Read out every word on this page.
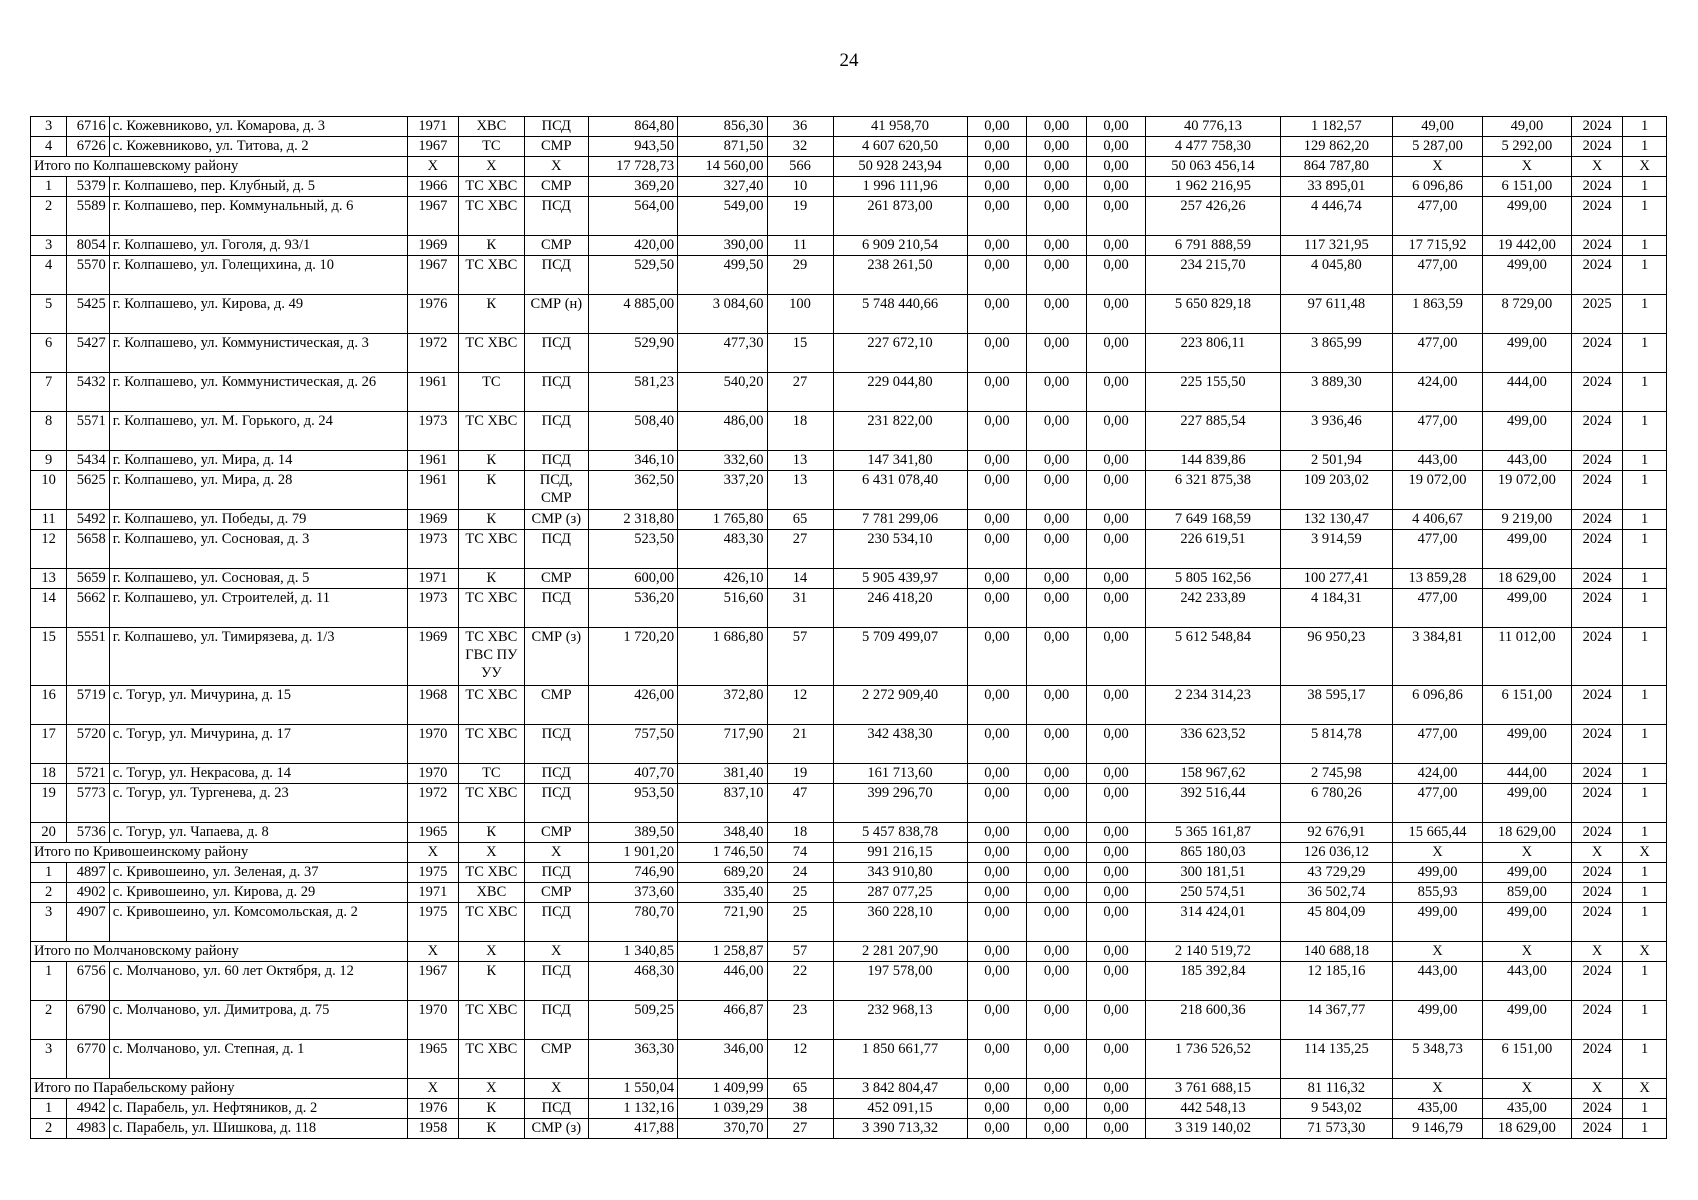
24
3	6716	с. Кожевниково, ул. Комарова, д. 3	1971	ХВС	ПСД	864,80	856,30	36	41 958,70	0,00	0,00	0,00	40 776,13	1 182,57	49,00	49,00	2024	1
4	6726	с. Кожевниково, ул. Титова, д. 2	1967	ТС	СМР	943,50	871,50	32	4 607 620,50	0,00	0,00	0,00	4 477 758,30	129 862,20	5 287,00	5 292,00	2024	1
Итого по Колпашевскому району			X	X	X	17 728,73	14 560,00	566	50 928 243,94	0,00	0,00	0,00	50 063 456,14	864 787,80	X	X	X	X
1	5379	г. Колпашево, пер. Клубный, д. 5	1966	ТС ХВС	СМР	369,20	327,40	10	1 996 111,96	0,00	0,00	0,00	1 962 216,95	33 895,01	6 096,86	6 151,00	2024	1
2	5589	г. Колпашево, пер. Коммунальный, д. 6	1967	ТС ХВС	ПСД	564,00	549,00	19	261 873,00	0,00	0,00	0,00	257 426,26	4 446,74	477,00	499,00	2024	1
3	8054	г. Колпашево, ул. Гоголя, д. 93/1	1969	К	СМР	420,00	390,00	11	6 909 210,54	0,00	0,00	0,00	6 791 888,59	117 321,95	17 715,92	19 442,00	2024	1
4	5570	г. Колпашево, ул. Голещихина, д. 10	1967	ТС ХВС	ПСД	529,50	499,50	29	238 261,50	0,00	0,00	0,00	234 215,70	4 045,80	477,00	499,00	2024	1
5	5425	г. Колпашево, ул. Кирова, д. 49	1976	К	СМР (н)	4 885,00	3 084,60	100	5 748 440,66	0,00	0,00	0,00	5 650 829,18	97 611,48	1 863,59	8 729,00	2025	1
6	5427	г. Колпашево, ул. Коммунистическая, д. 3	1972	ТС ХВС	ПСД	529,90	477,30	15	227 672,10	0,00	0,00	0,00	223 806,11	3 865,99	477,00	499,00	2024	1
7	5432	г. Колпашево, ул. Коммунистическая, д. 26	1961	ТС	ПСД	581,23	540,20	27	229 044,80	0,00	0,00	0,00	225 155,50	3 889,30	424,00	444,00	2024	1
8	5571	г. Колпашево, ул. М. Горького, д. 24	1973	ТС ХВС	ПСД	508,40	486,00	18	231 822,00	0,00	0,00	0,00	227 885,54	3 936,46	477,00	499,00	2024	1
9	5434	г. Колпашево, ул. Мира, д. 14	1961	К	ПСД	346,10	332,60	13	147 341,80	0,00	0,00	0,00	144 839,86	2 501,94	443,00	443,00	2024	1
10	5625	г. Колпашево, ул. Мира, д. 28	1961	К	ПСД, СМР	362,50	337,20	13	6 431 078,40	0,00	0,00	0,00	6 321 875,38	109 203,02	19 072,00	19 072,00	2024	1
11	5492	г. Колпашево, ул. Победы, д. 79	1969	К	СМР (з)	2 318,80	1 765,80	65	7 781 299,06	0,00	0,00	0,00	7 649 168,59	132 130,47	4 406,67	9 219,00	2024	1
12	5658	г. Колпашево, ул. Сосновая, д. 3	1973	ТС ХВС	ПСД	523,50	483,30	27	230 534,10	0,00	0,00	0,00	226 619,51	3 914,59	477,00	499,00	2024	1
13	5659	г. Колпашево, ул. Сосновая, д. 5	1971	К	СМР	600,00	426,10	14	5 905 439,97	0,00	0,00	0,00	5 805 162,56	100 277,41	13 859,28	18 629,00	2024	1
14	5662	г. Колпашево, ул. Строителей, д. 11	1973	ТС ХВС	ПСД	536,20	516,60	31	246 418,20	0,00	0,00	0,00	242 233,89	4 184,31	477,00	499,00	2024	1
15	5551	г. Колпашево, ул. Тимирязева, д. 1/3	1969	ТС ХВС ГВС ПУ УУ	СМР (з)	1 720,20	1 686,80	57	5 709 499,07	0,00	0,00	0,00	5 612 548,84	96 950,23	3 384,81	11 012,00	2024	1
16	5719	с. Тогур, ул. Мичурина, д. 15	1968	ТС ХВС	СМР	426,00	372,80	12	2 272 909,40	0,00	0,00	0,00	2 234 314,23	38 595,17	6 096,86	6 151,00	2024	1
17	5720	с. Тогур, ул. Мичурина, д. 17	1970	ТС ХВС	ПСД	757,50	717,90	21	342 438,30	0,00	0,00	0,00	336 623,52	5 814,78	477,00	499,00	2024	1
18	5721	с. Тогур, ул. Некрасова, д. 14	1970	ТС	ПСД	407,70	381,40	19	161 713,60	0,00	0,00	0,00	158 967,62	2 745,98	424,00	444,00	2024	1
19	5773	с. Тогур, ул. Тургенева, д. 23	1972	ТС ХВС	ПСД	953,50	837,10	47	399 296,70	0,00	0,00	0,00	392 516,44	6 780,26	477,00	499,00	2024	1
20	5736	с. Тогур, ул. Чапаева, д. 8	1965	К	СМР	389,50	348,40	18	5 457 838,78	0,00	0,00	0,00	5 365 161,87	92 676,91	15 665,44	18 629,00	2024	1
Итого по Кривошеинскому району			X	X	X	1 901,20	1 746,50	74	991 216,15	0,00	0,00	0,00	865 180,03	126 036,12	X	X	X	X
1	4897	с. Кривошеино, ул. Зеленая, д. 37	1975	ТС ХВС	ПСД	746,90	689,20	24	343 910,80	0,00	0,00	0,00	300 181,51	43 729,29	499,00	499,00	2024	1
2	4902	с. Кривошеино, ул. Кирова, д. 29	1971	ХВС	СМР	373,60	335,40	25	287 077,25	0,00	0,00	0,00	250 574,51	36 502,74	855,93	859,00	2024	1
3	4907	с. Кривошеино, ул. Комсомольская, д. 2	1975	ТС ХВС	ПСД	780,70	721,90	25	360 228,10	0,00	0,00	0,00	314 424,01	45 804,09	499,00	499,00	2024	1
Итого по Молчановскому району			X	X	X	1 340,85	1 258,87	57	2 281 207,90	0,00	0,00	0,00	2 140 519,72	140 688,18	X	X	X	X
1	6756	с. Молчаново, ул. 60 лет Октября, д. 12	1967	К	ПСД	468,30	446,00	22	197 578,00	0,00	0,00	0,00	185 392,84	12 185,16	443,00	443,00	2024	1
2	6790	с. Молчаново, ул. Димитрова, д. 75	1970	ТС ХВС	ПСД	509,25	466,87	23	232 968,13	0,00	0,00	0,00	218 600,36	14 367,77	499,00	499,00	2024	1
3	6770	с. Молчаново, ул. Степная, д. 1	1965	ТС ХВС	СМР	363,30	346,00	12	1 850 661,77	0,00	0,00	0,00	1 736 526,52	114 135,25	5 348,73	6 151,00	2024	1
Итого по Парабельскому району			X	X	X	1 550,04	1 409,99	65	3 842 804,47	0,00	0,00	0,00	3 761 688,15	81 116,32	X	X	X	X
1	4942	с. Парабель, ул. Нефтяников, д. 2	1976	К	ПСД	1 132,16	1 039,29	38	452 091,15	0,00	0,00	0,00	442 548,13	9 543,02	435,00	435,00	2024	1
2	4983	с. Парабель, ул. Шишкова, д. 118	1958	К	СМР (з)	417,88	370,70	27	3 390 713,32	0,00	0,00	0,00	3 319 140,02	71 573,30	9 146,79	18 629,00	2024	1
